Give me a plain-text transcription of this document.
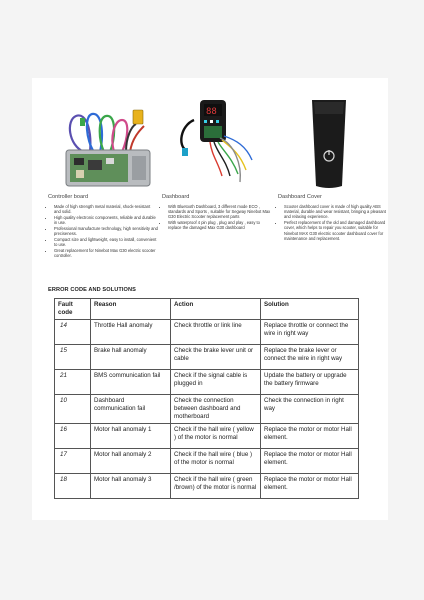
Controller board
• Made of high strength metal material, shock-resistant and solid.
• High quality electronic components, reliable and durable in use.
• Professional manufacture technology, high sensitivity and preciseness.
• Compact size and lightweight, easy to install, convenient to use.
• Great replacement for Ninebot Max G30 electric scooter controller.
88
Dashboard
• With Bluetooth Dashboard, 3 different mode ECO , standards and Sports , suitable for Segway Ninebot Max G30 Electric Scooter replacement parts
• With waterproof 4 pin plug , plug and play , easy to replace the damaged Max G30 dashboard
Dashboard Cover
• Scooter dashboard cover is made of high quality ABS material, durable and wear resistant, bringing a pleasant and relaxing experience.
• Perfect replacement of the old and damaged dashboard cover, which helps to repair you scooter, suitable for Ninebot MAX G30 electric scooter dashboard cover for maintenance and replacement.
ERROR CODE AND SOLUTIONS
Fault code	Reason	Action	Solution
14	Throttle Hall anomaly	Check throttle or link line	Replace throttle or connect the wire in right way
15	Brake hall anomaly	Check the brake lever unit or cable	Replace the brake lever or connect the wire in right way
21	BMS communication fail	Check if the signal cable is plugged in	Update the battery or upgrade the battery firmware
10	Dashboard communication fail	Check the connection between dashboard and motherboard	Check the connection in right way
16	Motor hall anomaly 1	Check if the hall wire ( yellow ) of the motor is normal	Replace the motor or motor Hall element.
17	Motor hall anomaly 2	Check if the hall wire ( blue ) of the motor is normal	Replace the motor or motor Hall element.
18	Motor hall anomaly 3	Check if the hall wire ( green /brown) of the motor is normal	Replace the motor or motor Hall element.
